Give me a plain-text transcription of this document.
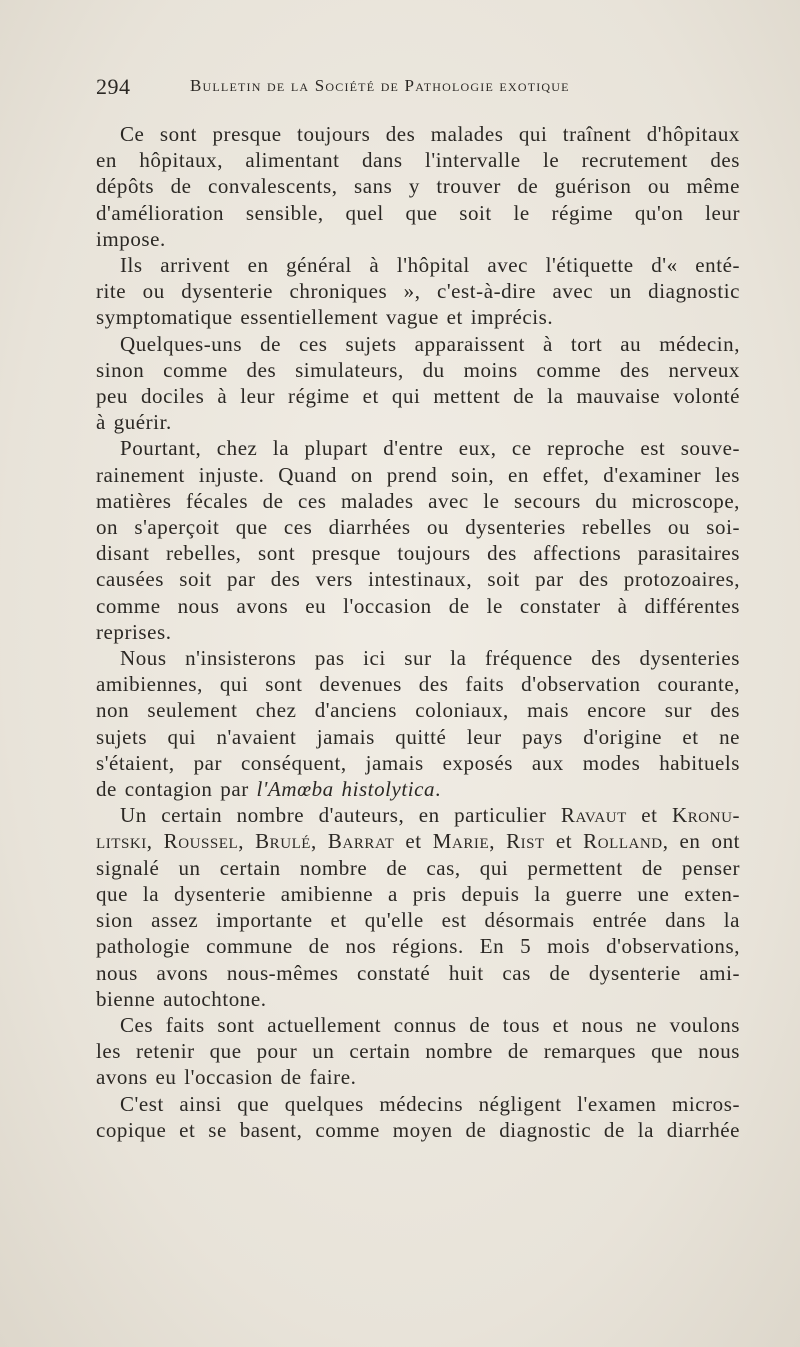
294	Bulletin de la Société de Pathologie exotique

Ce sont presque toujours des malades qui traînent d'hôpitaux
en hôpitaux, alimentant dans l'intervalle le recrutement des
dépôts de convalescents, sans y trouver de guérison ou même
d'amélioration sensible, quel que soit le régime qu'on leur
impose.

Ils arrivent en général à l'hôpital avec l'étiquette d'« enté-
rite ou dysenterie chroniques », c'est-à-dire avec un diagnostic
symptomatique essentiellement vague et imprécis.

Quelques-uns de ces sujets apparaissent à tort au médecin,
sinon comme des simulateurs, du moins comme des nerveux
peu dociles à leur régime et qui mettent de la mauvaise volonté
à guérir.

Pourtant, chez la plupart d'entre eux, ce reproche est souve-
rainement injuste. Quand on prend soin, en effet, d'examiner les
matières fécales de ces malades avec le secours du microscope,
on s'aperçoit que ces diarrhées ou dysenteries rebelles ou soi-
disant rebelles, sont presque toujours des affections parasitaires
causées soit par des vers intestinaux, soit par des protozoaires,
comme nous avons eu l'occasion de le constater à différentes
reprises.

Nous n'insisterons pas ici sur la fréquence des dysenteries
amibiennes, qui sont devenues des faits d'observation courante,
non seulement chez d'anciens coloniaux, mais encore sur des
sujets qui n'avaient jamais quitté leur pays d'origine et ne
s'étaient, par conséquent, jamais exposés aux modes habituels
de contagion par l'Amœba histolytica.

Un certain nombre d'auteurs, en particulier Ravaut et Kronu-
litski, Roussel, Brulé, Barrat et Marie, Rist et Rolland, en ont
signalé un certain nombre de cas, qui permettent de penser
que la dysenterie amibienne a pris depuis la guerre une exten-
sion assez importante et qu'elle est désormais entrée dans la
pathologie commune de nos régions. En 5 mois d'observations,
nous avons nous-mêmes constaté huit cas de dysenterie ami-
bienne autochtone.

Ces faits sont actuellement connus de tous et nous ne voulons
les retenir que pour un certain nombre de remarques que nous
avons eu l'occasion de faire.

C'est ainsi que quelques médecins négligent l'examen micros-
copique et se basent, comme moyen de diagnostic de la diarrhée
